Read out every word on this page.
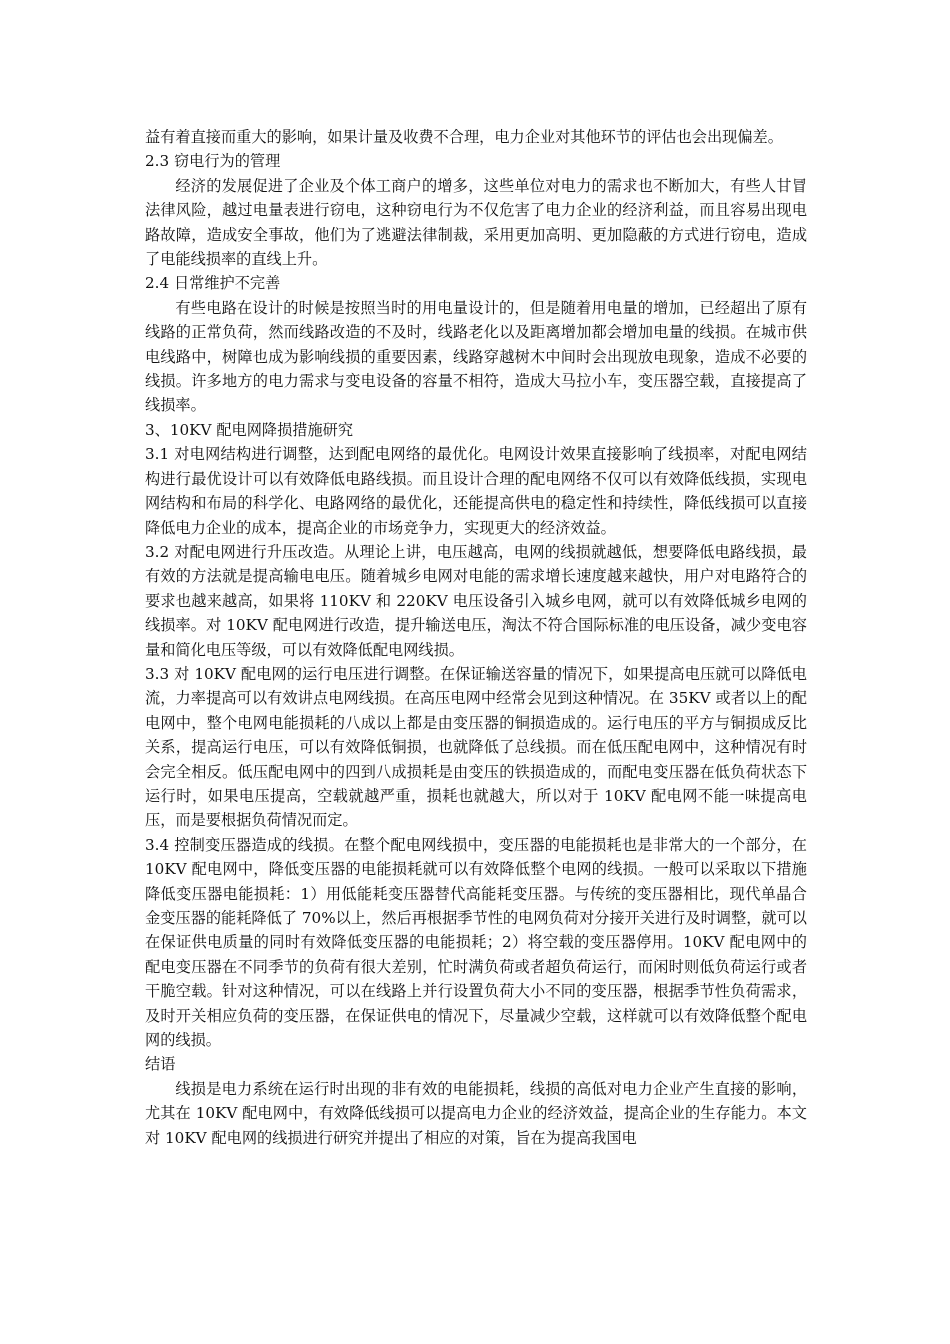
益有着直接而重大的影响，如果计量及收费不合理，电力企业对其他环节的评估也会出现偏差。

2.3 窃电行为的管理

经济的发展促进了企业及个体工商户的增多，这些单位对电力的需求也不断加大，有些人甘冒法律风险，越过电量表进行窃电，这种窃电行为不仅危害了电力企业的经济利益，而且容易出现电路故障，造成安全事故，他们为了逃避法律制裁，采用更加高明、更加隐蔽的方式进行窃电，造成了电能线损率的直线上升。

2.4 日常维护不完善

有些电路在设计的时候是按照当时的用电量设计的，但是随着用电量的增加，已经超出了原有线路的正常负荷，然而线路改造的不及时，线路老化以及距离增加都会增加电量的线损。在城市供电线路中，树障也成为影响线损的重要因素，线路穿越树木中间时会出现放电现象，造成不必要的线损。许多地方的电力需求与变电设备的容量不相符，造成大马拉小车，变压器空载，直接提高了线损率。

3、10KV 配电网降损措施研究

3.1 对电网结构进行调整，达到配电网络的最优化。电网设计效果直接影响了线损率，对配电网结构进行最优设计可以有效降低电路线损。而且设计合理的配电网络不仅可以有效降低线损，实现电网结构和布局的科学化、电路网络的最优化，还能提高供电的稳定性和持续性，降低线损可以直接降低电力企业的成本，提高企业的市场竞争力，实现更大的经济效益。

3.2 对配电网进行升压改造。从理论上讲，电压越高，电网的线损就越低，想要降低电路线损，最有效的方法就是提高输电电压。随着城乡电网对电能的需求增长速度越来越快，用户对电路符合的要求也越来越高，如果将 110KV 和 220KV 电压设备引入城乡电网，就可以有效降低城乡电网的线损率。对 10KV 配电网进行改造，提升输送电压，淘汰不符合国际标准的电压设备，减少变电容量和简化电压等级，可以有效降低配电网线损。

3.3 对 10KV 配电网的运行电压进行调整。在保证输送容量的情况下，如果提高电压就可以降低电流，力率提高可以有效讲点电网线损。在高压电网中经常会见到这种情况。在 35KV 或者以上的配电网中，整个电网电能损耗的八成以上都是由变压器的铜损造成的。运行电压的平方与铜损成反比关系，提高运行电压，可以有效降低铜损，也就降低了总线损。而在低压配电网中，这种情况有时会完全相反。低压配电网中的四到八成损耗是由变压的铁损造成的，而配电变压器在低负荷状态下运行时，如果电压提高，空载就越严重，损耗也就越大，所以对于 10KV 配电网不能一味提高电压，而是要根据负荷情况而定。

3.4 控制变压器造成的线损。在整个配电网线损中，变压器的电能损耗也是非常大的一个部分，在 10KV 配电网中，降低变压器的电能损耗就可以有效降低整个电网的线损。一般可以采取以下措施降低变压器电能损耗：1）用低能耗变压器替代高能耗变压器。与传统的变压器相比，现代单晶合金变压器的能耗降低了 70%以上，然后再根据季节性的电网负荷对分接开关进行及时调整，就可以在保证供电质量的同时有效降低变压器的电能损耗；2）将空载的变压器停用。10KV 配电网中的配电变压器在不同季节的负荷有很大差别，忙时满负荷或者超负荷运行，而闲时则低负荷运行或者干脆空载。针对这种情况，可以在线路上并行设置负荷大小不同的变压器，根据季节性负荷需求，及时开关相应负荷的变压器，在保证供电的情况下，尽量减少空载，这样就可以有效降低整个配电网的线损。

结语

线损是电力系统在运行时出现的非有效的电能损耗，线损的高低对电力企业产生直接的影响，尤其在 10KV 配电网中，有效降低线损可以提高电力企业的经济效益，提高企业的生存能力。本文对 10KV 配电网的线损进行研究并提出了相应的对策，旨在为提高我国电
